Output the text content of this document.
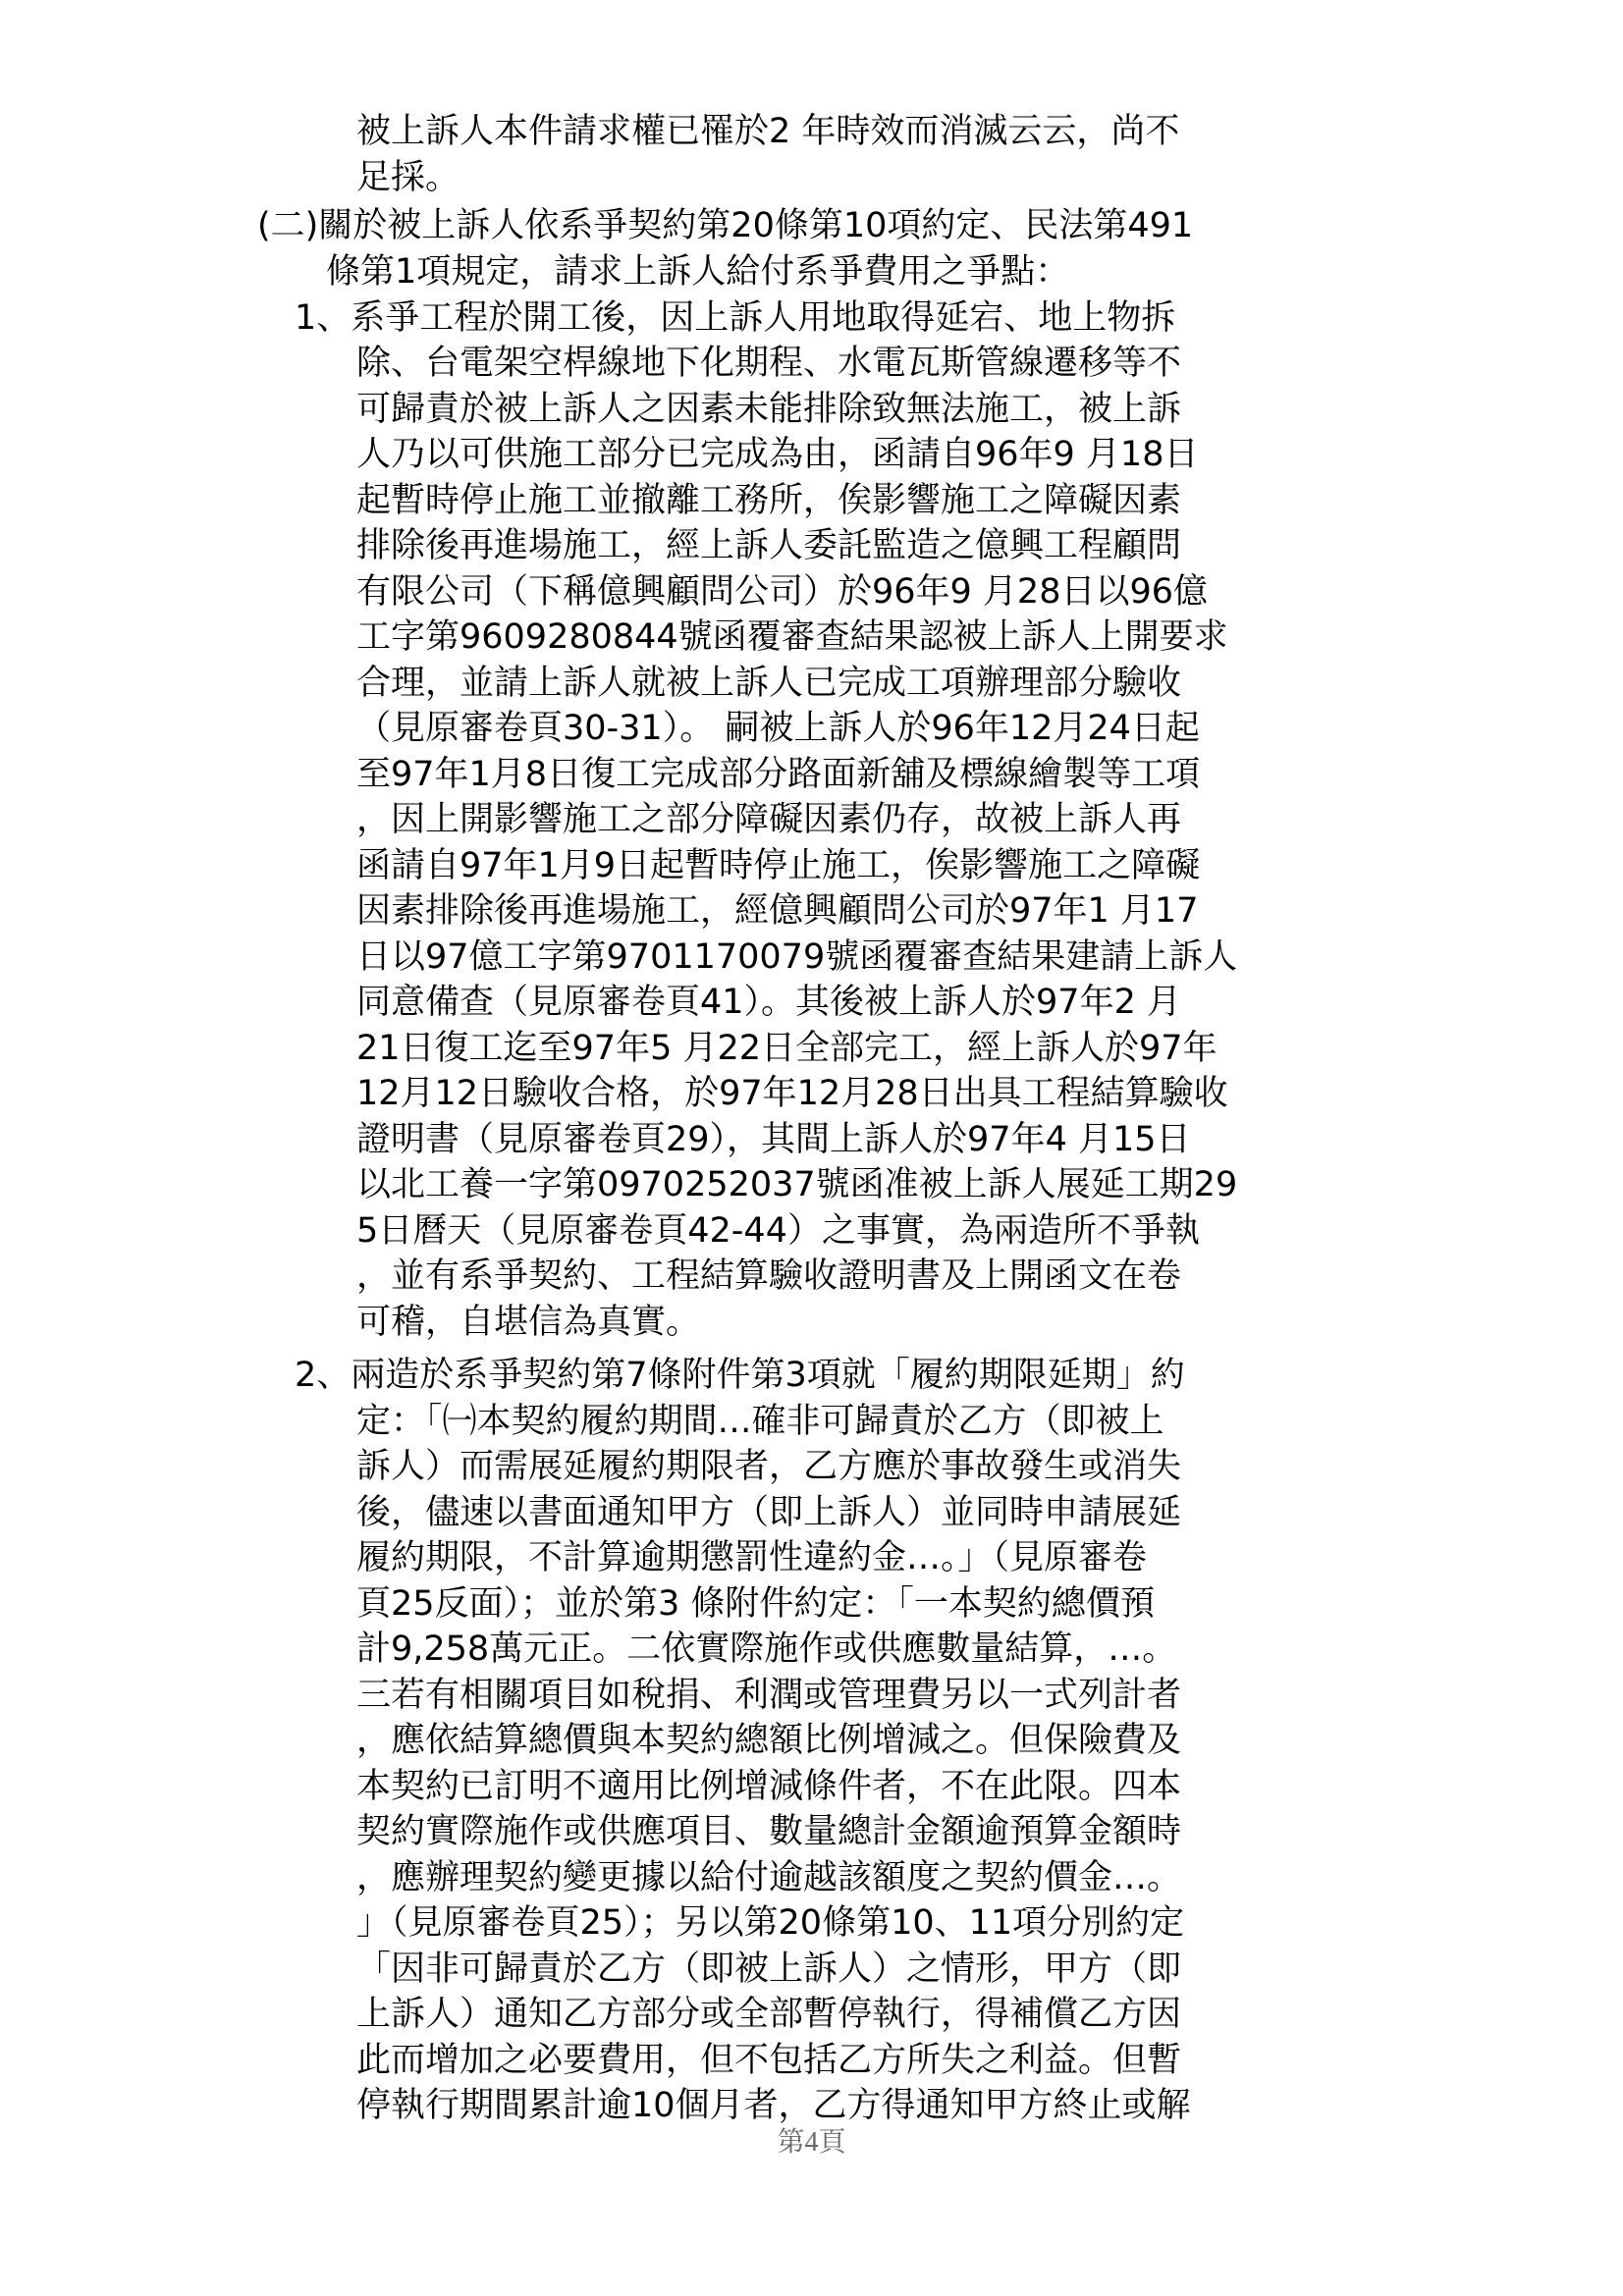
被上訴人本件請求權已罹於2 年時效而消滅云云，尚不
足採。
(二)關於被上訴人依系爭契約第20條第10項約定、民法第491
條第1項規定，請求上訴人給付系爭費用之爭點：
1、系爭工程於開工後，因上訴人用地取得延宕、地上物拆
除、台電架空桿線地下化期程、水電瓦斯管線遷移等不
可歸責於被上訴人之因素未能排除致無法施工，被上訴
人乃以可供施工部分已完成為由，函請自96年9 月18日
起暫時停止施工並撤離工務所，俟影響施工之障礙因素
排除後再進場施工，經上訴人委託監造之億興工程顧問
有限公司（下稱億興顧問公司）於96年9 月28日以96億
工字第9609280844號函覆審查結果認被上訴人上開要求
合理，並請上訴人就被上訴人已完成工項辦理部分驗收
（見原審卷頁30-31）。 嗣被上訴人於96年12月24日起
至97年1月8日復工完成部分路面新舖及標線繪製等工項
，因上開影響施工之部分障礙因素仍存，故被上訴人再
函請自97年1月9日起暫時停止施工，俟影響施工之障礙
因素排除後再進場施工，經億興顧問公司於97年1 月17
日以97億工字第9701170079號函覆審查結果建請上訴人
同意備查（見原審卷頁41）。其後被上訴人於97年2 月
21日復工迄至97年5 月22日全部完工，經上訴人於97年
12月12日驗收合格，於97年12月28日出具工程結算驗收
證明書（見原審卷頁29），其間上訴人於97年4 月15日
以北工養一字第0970252037號函准被上訴人展延工期29
5日曆天（見原審卷頁42-44）之事實，為兩造所不爭執
，並有系爭契約、工程結算驗收證明書及上開函文在卷
可稽，自堪信為真實。
2、兩造於系爭契約第7條附件第3項就「履約期限延期」約
定：「㈠本契約履約期間…確非可歸責於乙方（即被上
訴人）而需展延履約期限者，乙方應於事故發生或消失
後，儘速以書面通知甲方（即上訴人）並同時申請展延
履約期限，不計算逾期懲罰性違約金…。」（見原審卷
頁25反面）；並於第3 條附件約定：「一本契約總價預
計9,258萬元正。二依實際施作或供應數量結算，…。
三若有相關項目如稅捐、利潤或管理費另以一式列計者
，應依結算總價與本契約總額比例增減之。但保險費及
本契約已訂明不適用比例增減條件者，不在此限。四本
契約實際施作或供應項目、數量總計金額逾預算金額時
，應辦理契約變更據以給付逾越該額度之契約價金…。
」（見原審卷頁25）；另以第20條第10、11項分別約定
「因非可歸責於乙方（即被上訴人）之情形，甲方（即
上訴人）通知乙方部分或全部暫停執行，得補償乙方因
此而增加之必要費用，但不包括乙方所失之利益。但暫
停執行期間累計逾10個月者，乙方得通知甲方終止或解
第4頁
